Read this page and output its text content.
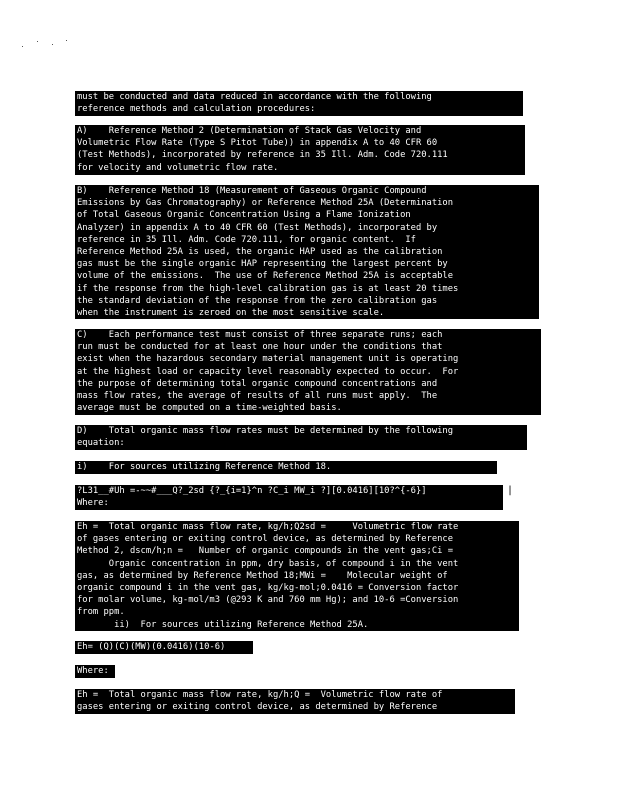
must be conducted and data reduced in accordance with the following
reference methods and calculation procedures:
A)    Reference Method 2 (Determination of Stack Gas Velocity and
Volumetric Flow Rate (Type S Pitot Tube)) in appendix A to 40 CFR 60
(Test Methods), incorporated by reference in 35 Ill. Adm. Code 720.111
for velocity and volumetric flow rate.
B)    Reference Method 18 (Measurement of Gaseous Organic Compound
Emissions by Gas Chromatography) or Reference Method 25A (Determination
of Total Gaseous Organic Concentration Using a Flame Ionization
Analyzer) in appendix A to 40 CFR 60 (Test Methods), incorporated by
reference in 35 Ill. Adm. Code 720.111, for organic content.  If
Reference Method 25A is used, the organic HAP used as the calibration
gas must be the single organic HAP representing the largest percent by
volume of the emissions.  The use of Reference Method 25A is acceptable
if the response from the high-level calibration gas is at least 20 times
the standard deviation of the response from the zero calibration gas
when the instrument is zeroed on the most sensitive scale.
C)    Each performance test must consist of three separate runs; each
run must be conducted for at least one hour under the conditions that
exist when the hazardous secondary material management unit is operating
at the highest load or capacity level reasonably expected to occur.  For
the purpose of determining total organic compound concentrations and
mass flow rates, the average of results of all runs must apply.  The
average must be computed on a time-weighted basis.
D)    Total organic mass flow rates must be determined by the following
equation:
i)    For sources utilizing Reference Method 18.
?L31__#Uh =-~~#___Q?_2sd {?_{i=1}^n ?C_i MW_i ?][0.0416][10?^{-6}]
Where:
|
Eh =  Total organic mass flow rate, kg/h;Q2sd =     Volumetric flow rate
of gases entering or exiting control device, as determined by Reference
Method 2, dscm/h;n =   Number of organic compounds in the vent gas;Ci =
Organic concentration in ppm, dry basis, of compound i in the vent
gas, as determined by Reference Method 18;MWi =    Molecular weight of
organic compound i in the vent gas, kg/kg-mol;0.0416 = Conversion factor
for molar volume, kg-mol/m3 (@293 K and 760 mm Hg); and 10-6 =Conversion
from ppm.
ii)  For sources utilizing Reference Method 25A.
Eh= (Q)(C)(MW)(0.0416)(10-6)
Where:
Eh =  Total organic mass flow rate, kg/h;Q =  Volumetric flow rate of
gases entering or exiting control device, as determined by Reference
